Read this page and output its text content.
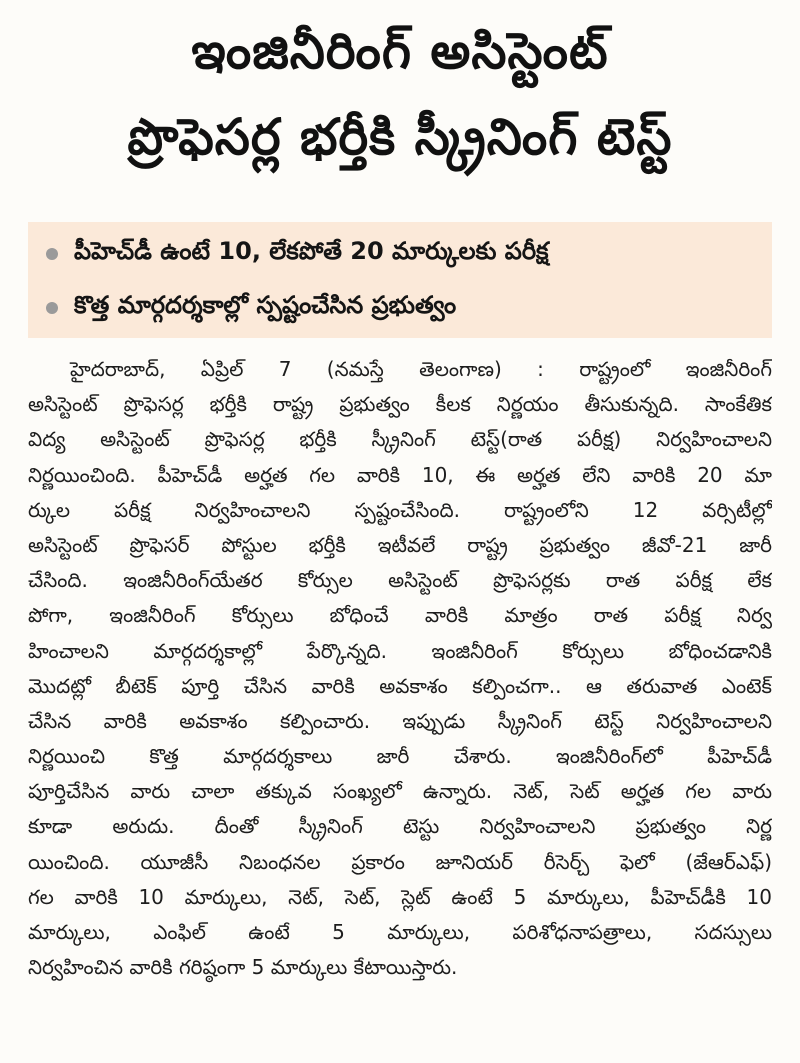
ఇంజినీరింగ్ అసిస్టెంట్
ప్రొఫెసర్ల భర్తీకి స్క్రీనింగ్ టెస్ట్
పీహెచ్‌డీ ఉంటే 10, లేకపోతే 20 మార్కులకు పరీక్ష
కొత్త మార్గదర్శకాల్లో స్పష్టంచేసిన ప్రభుత్వం
హైదరాబాద్, ఏప్రిల్ 7 (నమస్తే తెలంగాణ) : రాష్ట్రంలో ఇంజినీరింగ్
అసిస్టెంట్ ప్రొఫెసర్ల భర్తీకి రాష్ట్ర ప్రభుత్వం కీలక నిర్ణయం తీసుకున్నది. సాంకేతిక
విద్య అసిస్టెంట్ ప్రొఫెసర్ల భర్తీకి స్క్రీనింగ్ టెస్ట్(రాత పరీక్ష) నిర్వహించాలని
నిర్ణయించింది. పీహెచ్‌డీ అర్హత గల వారికి 10, ఈ అర్హత లేని వారికి 20 మా
ర్కుల పరీక్ష నిర్వహించాలని స్పష్టంచేసింది. రాష్ట్రంలోని 12 వర్సిటీల్లో
అసిస్టెంట్ ప్రొఫెసర్ పోస్టుల భర్తీకి ఇటీవలే రాష్ట్ర ప్రభుత్వం జీవో-21 జారీ
చేసింది. ఇంజినీరింగ్‌యేతర కోర్సుల అసిస్టెంట్ ప్రొఫెసర్లకు రాత పరీక్ష లేక
పోగా, ఇంజినీరింగ్ కోర్సులు బోధించే వారికి మాత్రం రాత పరీక్ష నిర్వ
హించాలని మార్గదర్శకాల్లో పేర్కొన్నది. ఇంజినీరింగ్ కోర్సులు బోధించడానికి
మొదట్లో బీటెక్ పూర్తి చేసిన వారికి అవకాశం కల్పించగా.. ఆ తరువాత ఎంటెక్
చేసిన వారికి అవకాశం కల్పించారు. ఇప్పుడు స్క్రీనింగ్ టెస్ట్ నిర్వహించాలని
నిర్ణయించి కొత్త మార్గదర్శకాలు జారీ చేశారు. ఇంజినీరింగ్‌లో పీహెచ్‌డీ
పూర్తిచేసిన వారు చాలా తక్కువ సంఖ్యలో ఉన్నారు. నెట్, సెట్ అర్హత గల వారు
కూడా అరుదు. దీంతో స్క్రీనింగ్ టెస్టు నిర్వహించాలని ప్రభుత్వం నిర్ణ
యించింది. యూజీసీ నిబంధనల ప్రకారం జూనియర్ రీసెర్చ్ ఫెలో (జేఆర్ఎఫ్)
గల వారికి 10 మార్కులు, నెట్, సెట్, స్లెట్ ఉంటే 5 మార్కులు, పీహెచ్‌డీకి 10
మార్కులు, ఎంఫిల్ ఉంటే 5 మార్కులు, పరిశోధనాపత్రాలు, సదస్సులు
నిర్వహించిన వారికి గరిష్ఠంగా 5 మార్కులు కేటాయిస్తారు.
